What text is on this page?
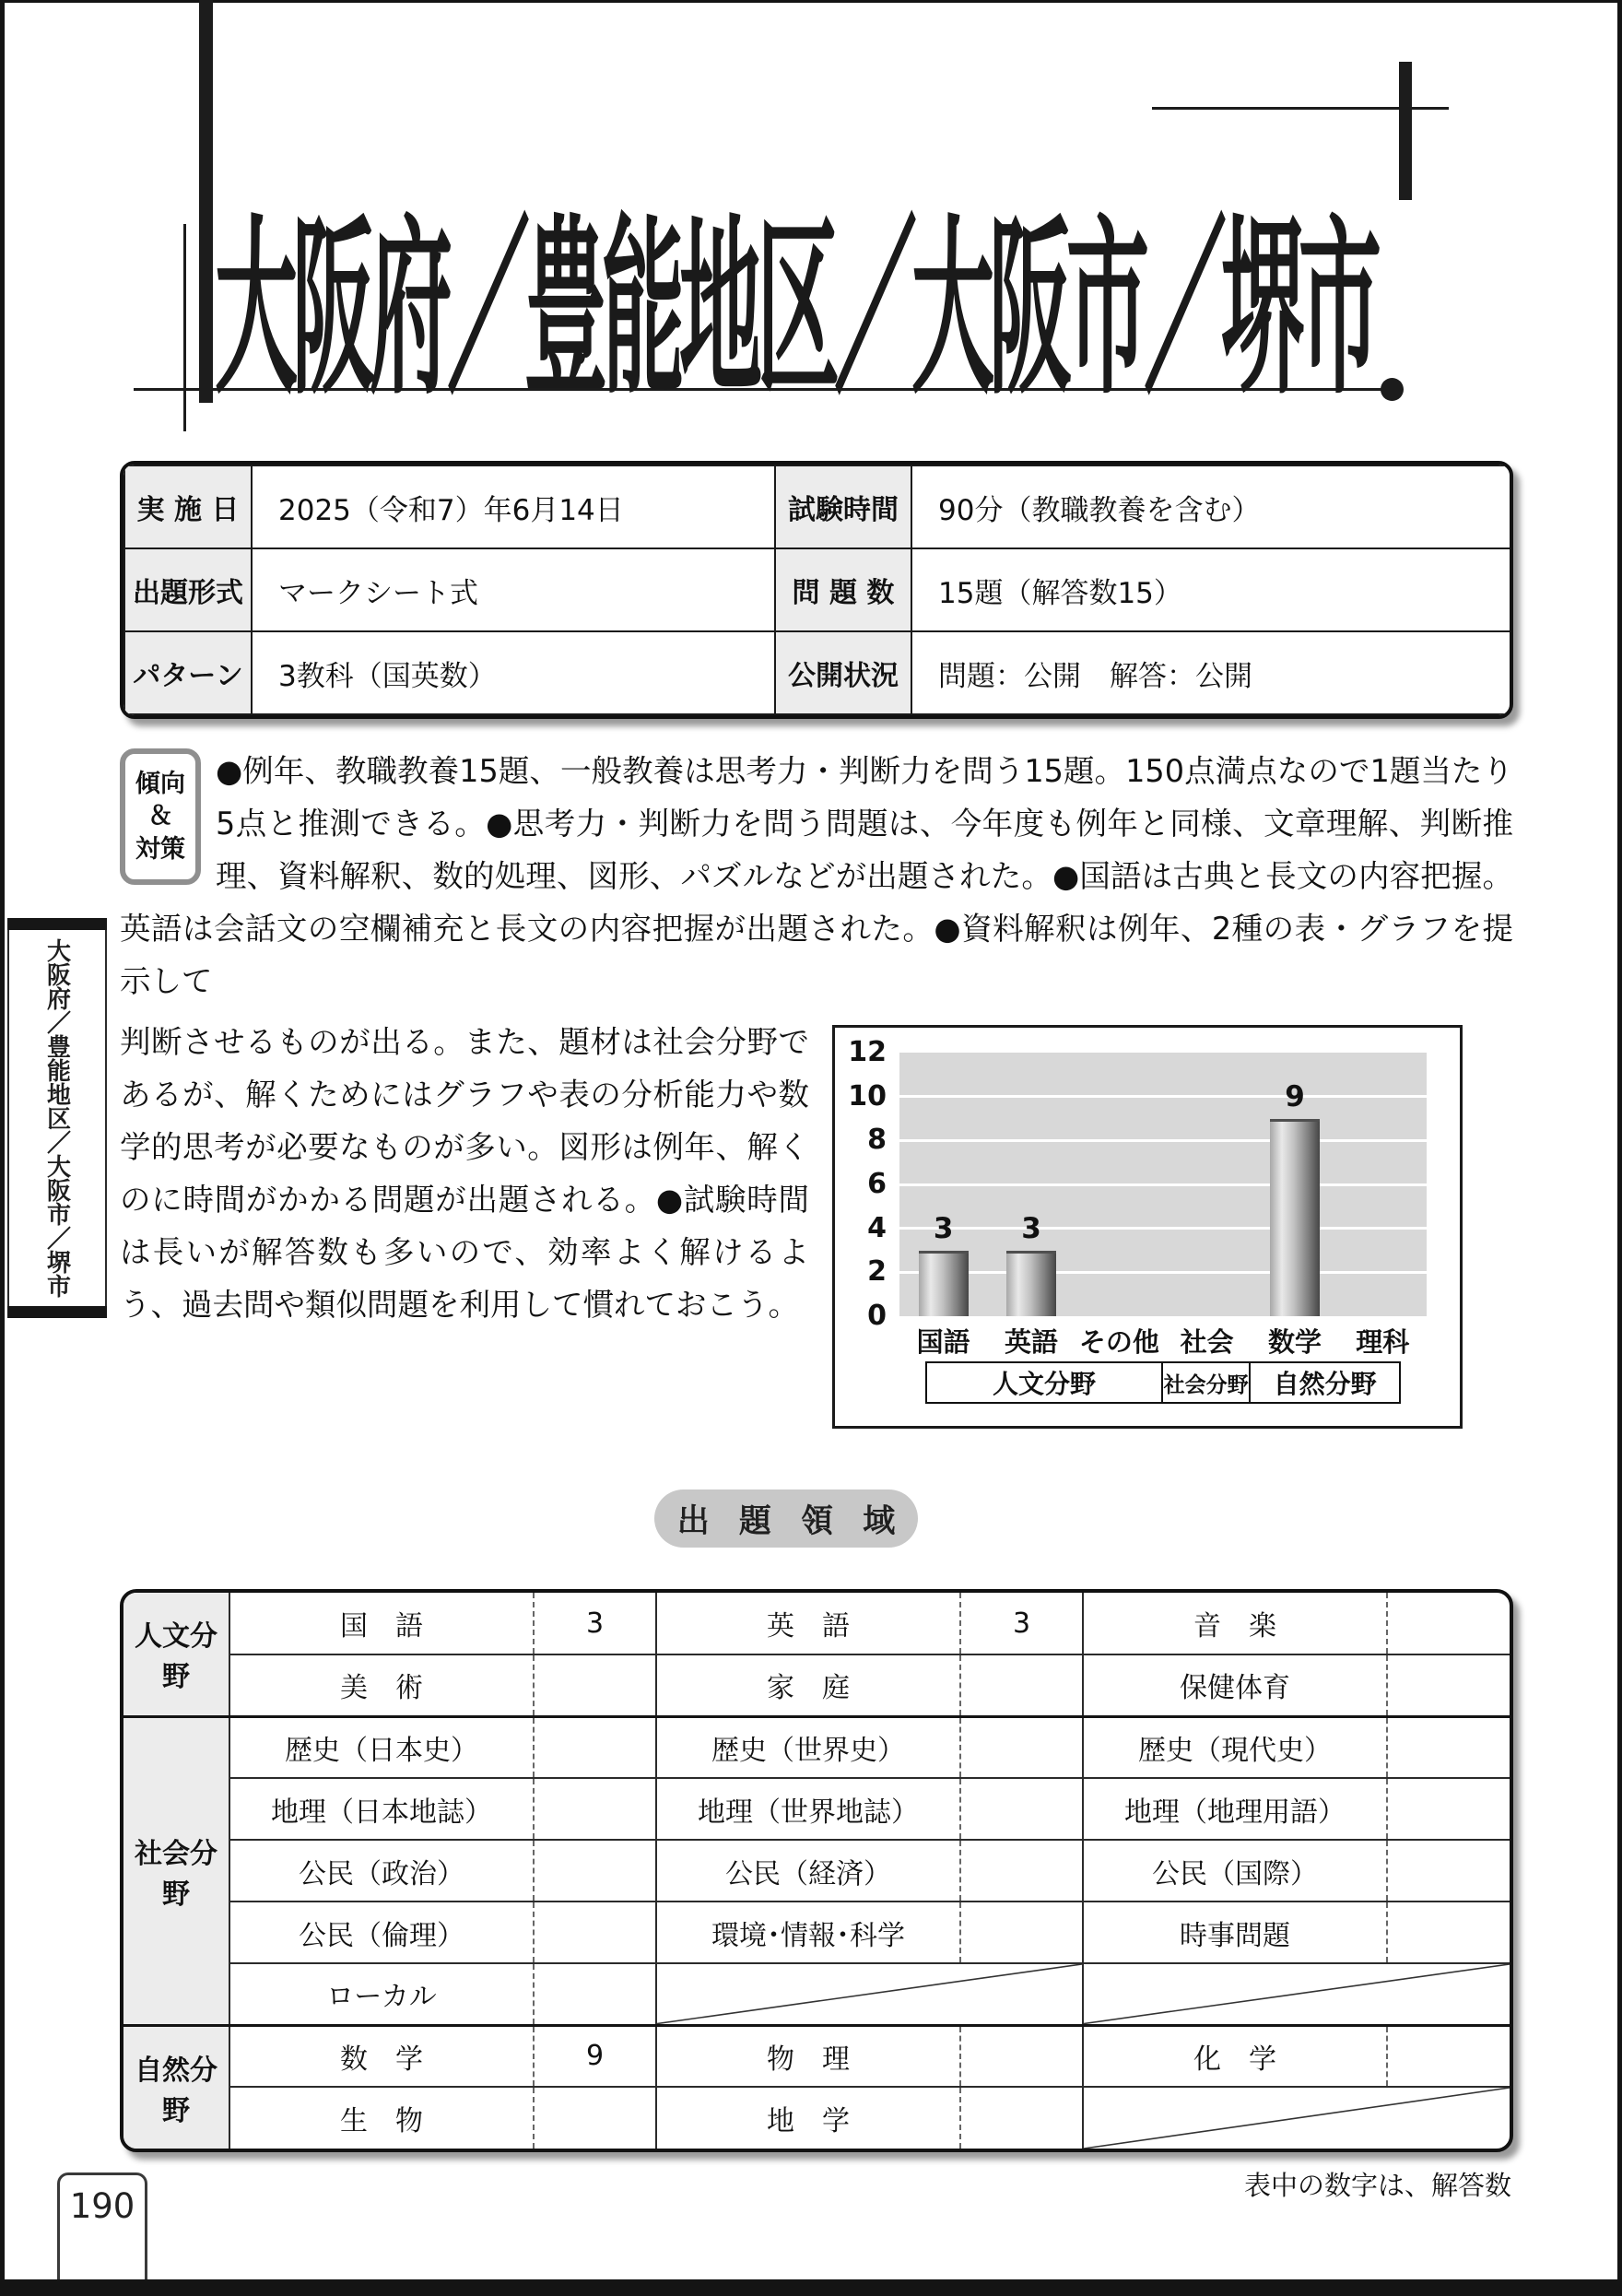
大阪府／豊能地区／大阪市／堺市
実 施 日	2025（令和7）年6月14日	試験時間	90分（教職教養を含む）
出題形式	マークシート式	問 題 数	15題（解答数15）
パターン	3教科（国英数）	公開状況	問題：公開　解答：公開
傾向
＆
対策
●例年、教職教養15題、一般教養は思考力・判断力を問う15題。150点満点なので1題当たり5点と推測できる。●思考力・判断力を問う問題は、今年度も例年と同様、文章理解、判断推理、資料解釈、数的処理、図形、パズルなどが出題された。●国語は古典と長文の内容把握。英語は会話文の空欄補充と長文の内容把握が出題された。●資料解釈は例年、2種の表・グラフを提示して
判断させるものが出る。また、題材は社会分野であるが、解くためにはグラフや表の分析能力や数学的思考が必要なものが多い。図形は例年、解くのに時間がかかる問題が出題される。●試験時間は長いが解答数も多いので、効率よく解けるよう、過去問や類似問題を利用して慣れておこう。
国語	英語 その他 社会	数学	理科
人文分野	社会分野 自然分野
0
2
4
6
8
10
12
3	3
9
出 題 領 域
人文分野	国　語	3	英　語	3	音　楽	
	美　術		家　庭		保健体育	
社会分野	歴史（日本史）		歴史（世界史）		歴史（現代史）	
	地理（日本地誌）		地理（世界地誌）		地理（地理用語）	
	公民（政治）		公民（経済）		公民（国際）	
	公民（倫理）		環境･情報･科学		時事問題	
	ローカル		

自然分野	数　学	9	物　理		化　学	
	生　物		地　学		
表中の数字は、解答数
大阪府／豊能地区／大阪市／堺市
190
